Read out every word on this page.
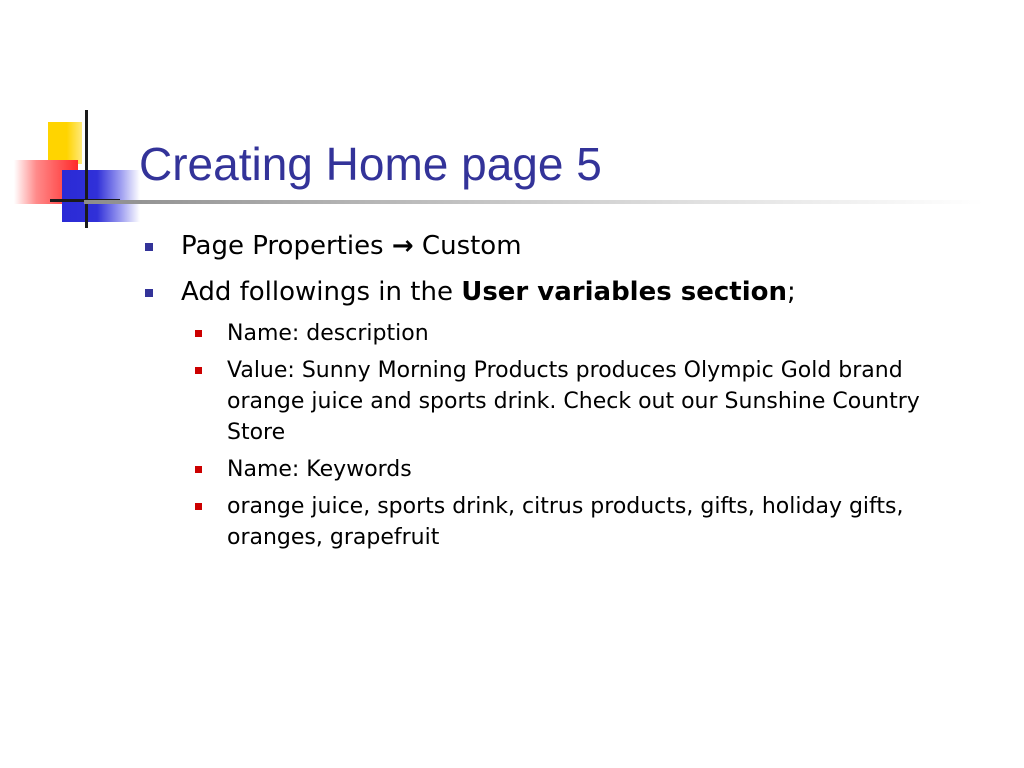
Creating Home page 5
Page Properties → Custom
Add followings in the User variables section;
Name: description
Value: Sunny Morning Products produces Olympic Gold brand orange juice and sports drink. Check out our Sunshine Country Store
Name: Keywords
orange juice, sports drink, citrus products, gifts, holiday gifts, oranges, grapefruit
